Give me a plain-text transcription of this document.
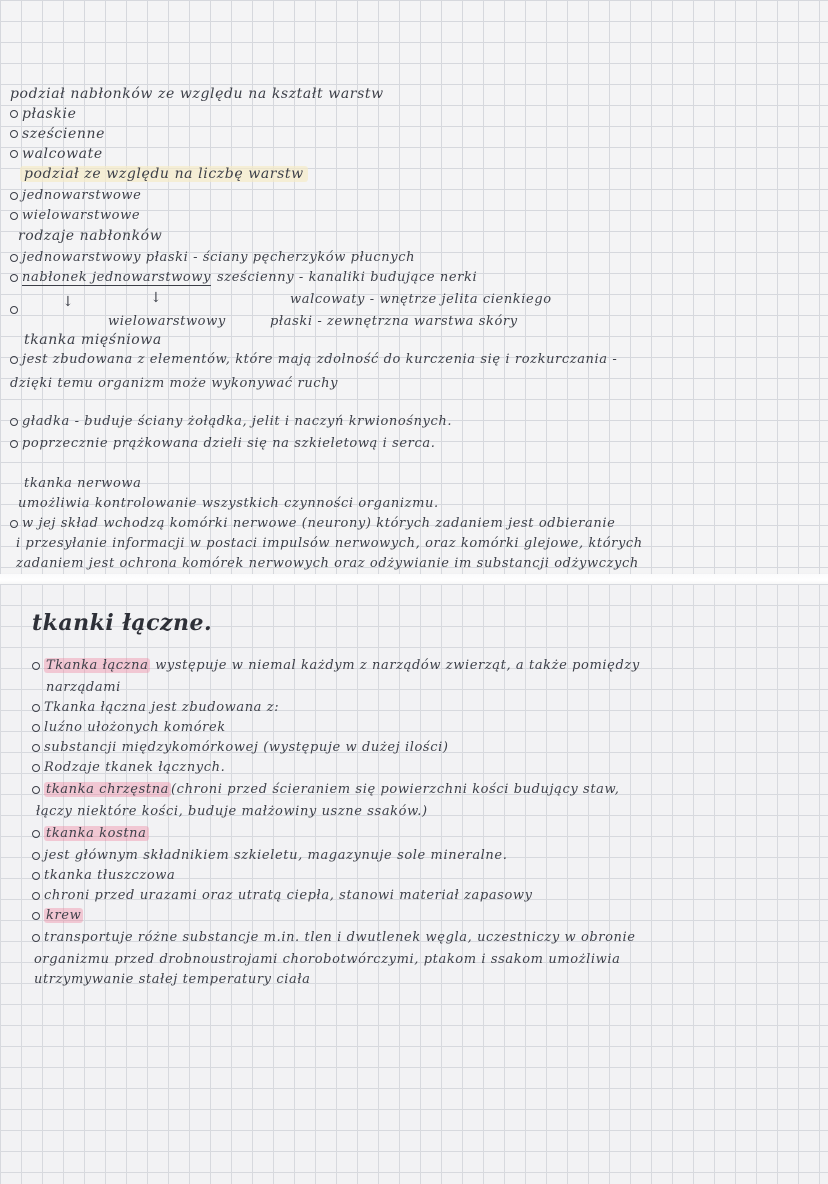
podział nabłonków ze względu na kształt warstw
płaskie
sześcienne
walcowate
podział ze względu na liczbę warstw
jednowarstwowe
wielowarstwowe
rodzaje nabłonków
jednowarstwowy płaski - ściany pęcherzyków płucnych
nabłonek jednowarstwowy sześcienny - kanaliki budujące nerki
walcowaty - wnętrze jelita cienkiego
↓	↓
wielowarstwowy	płaski - zewnętrzna warstwa skóry
tkanka mięśniowa
jest zbudowana z elementów, które mają zdolność do kurczenia się i rozkurczania -
dzięki temu organizm może wykonywać ruchy
gładka - buduje ściany żołądka, jelit i naczyń krwionośnych.
poprzecznie prążkowana dzieli się na szkieletową i serca.
tkanka nerwowa
umożliwia kontrolowanie wszystkich czynności organizmu.
w jej skład wchodzą komórki nerwowe (neurony) których zadaniem jest odbieranie
i przesyłanie informacji w postaci impulsów nerwowych, oraz komórki glejowe, których
zadaniem jest ochrona komórek nerwowych oraz odżywianie im substancji odżywczych
tkanki łączne.
Tkanka łączna występuje w niemal każdym z narządów zwierząt, a także pomiędzy
narządami
Tkanka łączna jest zbudowana z:
luźno ułożonych komórek
substancji międzykomórkowej (występuje w dużej ilości)
Rodzaje tkanek łącznych.
tkanka chrzęstna (chroni przed ścieraniem się powierzchni kości budujący staw,
łączy niektóre kości, buduje małżowiny uszne ssaków.)
tkanka kostna
jest głównym składnikiem szkieletu, magazynuje sole mineralne.
tkanka tłuszczowa
chroni przed urazami oraz utratą ciepła, stanowi materiał zapasowy
krew
transportuje różne substancje m.in. tlen i dwutlenek węgla, uczestniczy w obronie
organizmu przed drobnoustrojami chorobotwórczymi, ptakom i ssakom umożliwia
utrzymywanie stałej temperatury ciała
